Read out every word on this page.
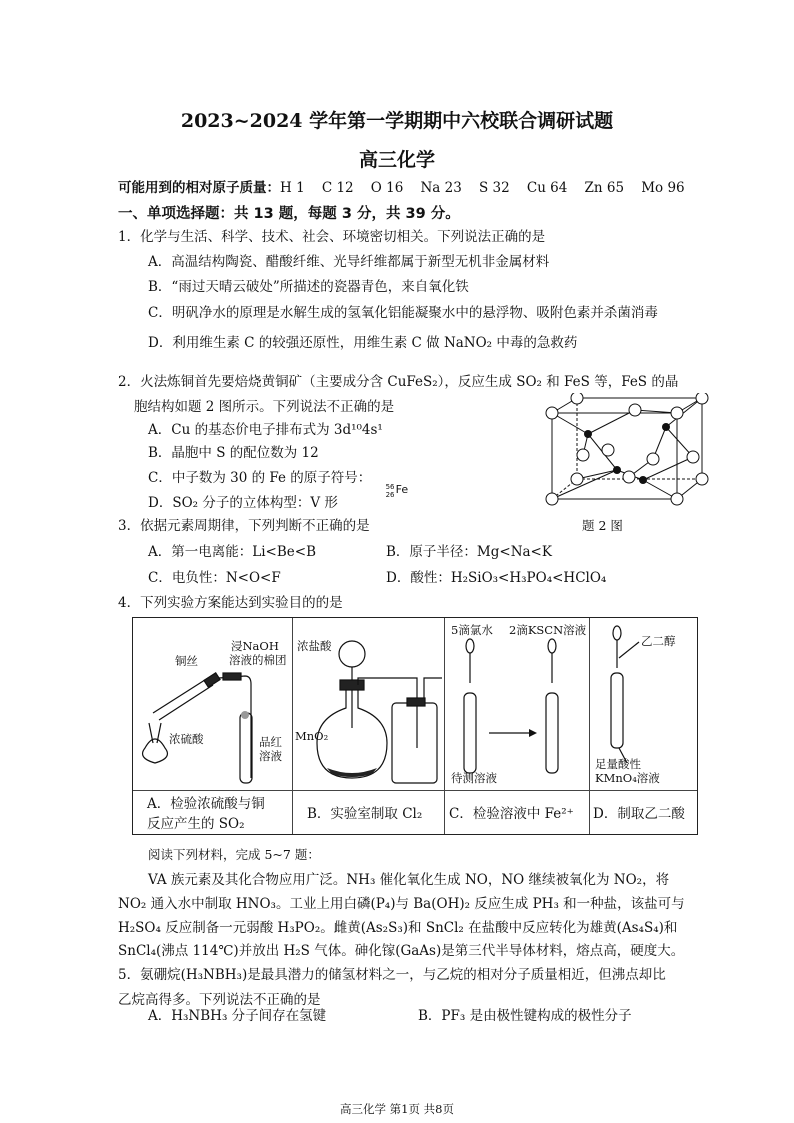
2023~2024 学年第一学期期中六校联合调研试题
高三化学
可能用到的相对原子质量：H 1    C 12    O 16    Na 23    S 32    Cu 64    Zn 65    Mo 96
一、单项选择题：共 13 题，每题 3 分，共 39 分。
1．化学与生活、科学、技术、社会、环境密切相关。下列说法正确的是
A．高温结构陶瓷、醋酸纤维、光导纤维都属于新型无机非金属材料
B．“雨过天晴云破处”所描述的瓷器青色，来自氧化铁
C．明矾净水的原理是水解生成的氢氧化铝能凝聚水中的悬浮物、吸附色素并杀菌消毒
D．利用维生素 C 的较强还原性，用维生素 C 做 NaNO₂ 中毒的急救药
2．火法炼铜首先要焙烧黄铜矿（主要成分含 CuFeS₂），反应生成 SO₂ 和 FeS 等，FeS 的晶
胞结构如题 2 图所示。下列说法不正确的是
A．Cu 的基态价电子排布式为 3d¹⁰4s¹
B．晶胞中 S 的配位数为 12
C．中子数为 30 的 Fe 的原子符号：
56
26 Fe
D．SO₂ 分子的立体构型：V 形
题 2 图
3．依据元素周期律，下列判断不正确的是
A．第一电离能：Li<Be<B	B．原子半径：Mg<Na<K
C．电负性：N<O<F	D．酸性：H₂SiO₃<H₃PO₄<HClO₄
4．下列实验方案能达到实验目的的是
铜丝
浸NaOH
溶液的棉团
浓硫酸	品红
溶液
A．检验浓硫酸与铜
反应产生的 SO₂
浓盐酸
MnO₂
B．实验室制取 Cl₂
5滴氯水 2滴KSCN溶液
待测溶液
C．检验溶液中 Fe²⁺
乙二醇
足量酸性
KMnO₄溶液
D．制取乙二酸
阅读下列材料，完成 5~7 题：
VA 族元素及其化合物应用广泛。NH₃ 催化氧化生成 NO，NO 继续被氧化为 NO₂，将
NO₂ 通入水中制取 HNO₃。工业上用白磷(P₄)与 Ba(OH)₂ 反应生成 PH₃ 和一种盐，该盐可与
H₂SO₄ 反应制备一元弱酸 H₃PO₂。雌黄(As₂S₃)和 SnCl₂ 在盐酸中反应转化为雄黄(As₄S₄)和
SnCl₄(沸点 114℃)并放出 H₂S 气体。砷化镓(GaAs)是第三代半导体材料，熔点高，硬度大。
5．氨硼烷(H₃NBH₃)是最具潜力的储氢材料之一，与乙烷的相对分子质量相近，但沸点却比
乙烷高得多。下列说法不正确的是
A．H₃NBH₃ 分子间存在氢键	B．PF₃ 是由极性键构成的极性分子
高三化学 第1页 共8页
